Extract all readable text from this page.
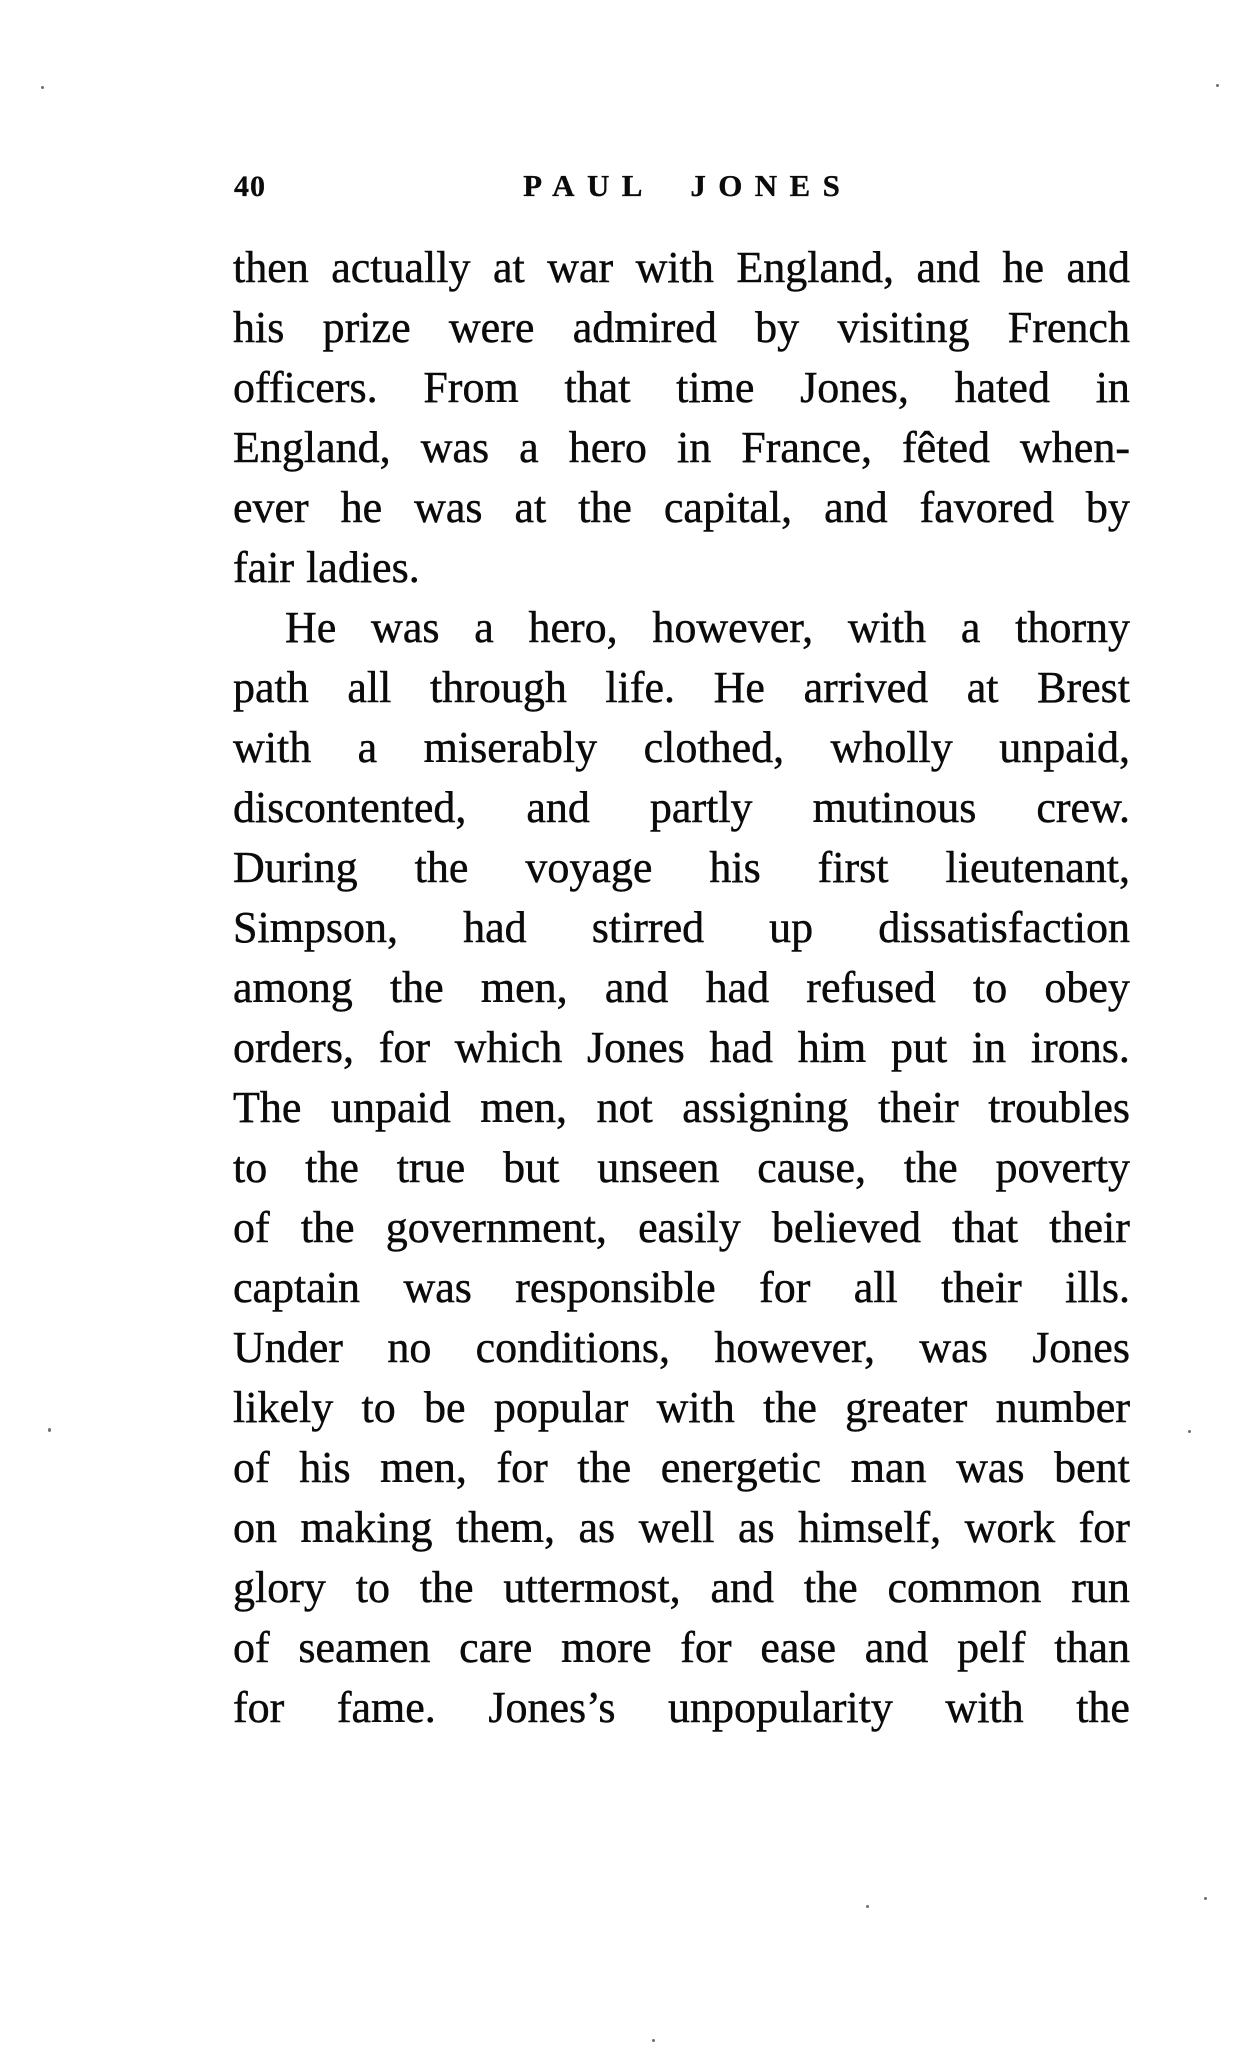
40	PAUL JONES
then actually at war with England, and he and
his prize were admired by visiting French
officers. From that time Jones, hated in
England, was a hero in France, fêted when-
ever he was at the capital, and favored by
fair ladies.
He was a hero, however, with a thorny
path all through life. He arrived at Brest
with a miserably clothed, wholly unpaid,
discontented, and partly mutinous crew.
During the voyage his first lieutenant,
Simpson, had stirred up dissatisfaction
among the men, and had refused to obey
orders, for which Jones had him put in irons.
The unpaid men, not assigning their troubles
to the true but unseen cause, the poverty
of the government, easily believed that their
captain was responsible for all their ills.
Under no conditions, however, was Jones
likely to be popular with the greater number
of his men, for the energetic man was bent
on making them, as well as himself, work for
glory to the uttermost, and the common run
of seamen care more for ease and pelf than
for fame. Jones’s unpopularity with the
